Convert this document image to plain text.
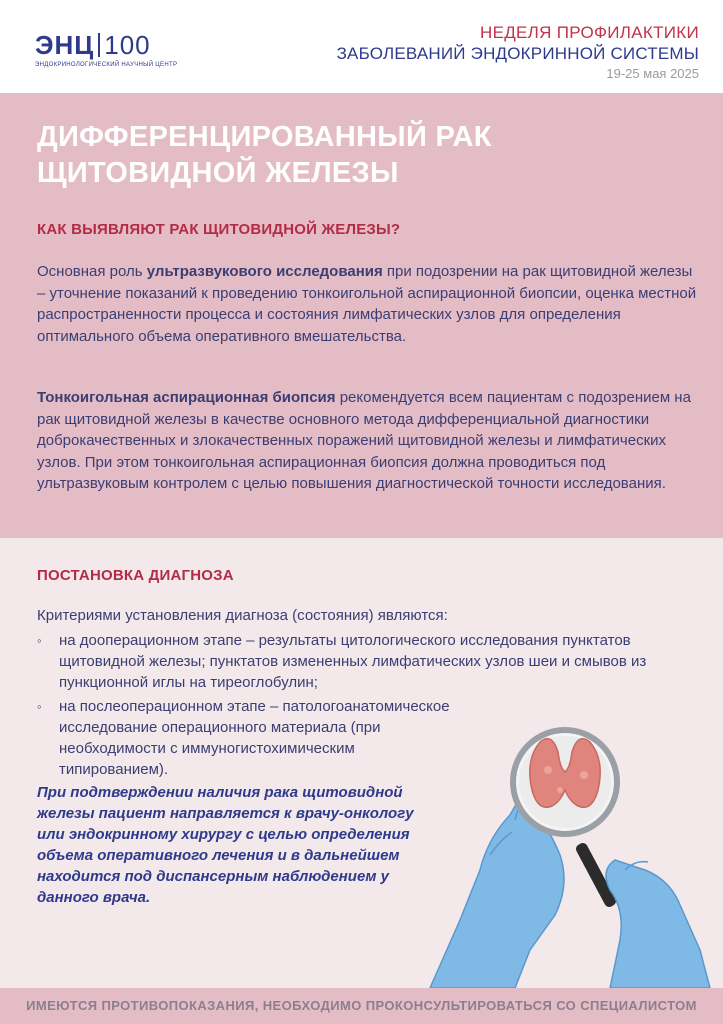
ЭНЦ 100
ЭНДОКРИНОЛОГИЧЕСКИЙ НАУЧНЫЙ ЦЕНТР
НЕДЕЛЯ ПРОФИЛАКТИКИ
ЗАБОЛЕВАНИЙ ЭНДОКРИННОЙ СИСТЕМЫ
19-25 мая 2025
ДИФФЕРЕНЦИРОВАННЫЙ РАК ЩИТОВИДНОЙ ЖЕЛЕЗЫ
КАК ВЫЯВЛЯЮТ РАК ЩИТОВИДНОЙ ЖЕЛЕЗЫ?
Основная роль ультразвукового исследования при подозрении на рак щитовидной железы – уточнение показаний к проведению тонкоигольной аспирационной биопсии, оценка местной распространенности процесса и состояния лимфатических узлов для определения оптимального объема оперативного вмешательства.
Тонкоигольная аспирационная биопсия рекомендуется всем пациентам с подозрением на рак щитовидной железы в качестве основного метода дифференциальной диагностики доброкачественных и злокачественных поражений щитовидной железы и лимфатических узлов. При этом тонкоигольная аспирационная биопсия должна проводиться под ультразвуковым контролем с целью повышения диагностической точности исследования.
ПОСТАНОВКА ДИАГНОЗА
Критериями установления диагноза (состояния) являются:
◦ на дооперационном этапе – результаты цитологического исследования пунктатов щитовидной железы; пунктатов измененных лимфатических узлов шеи и смывов из пункционной иглы на тиреоглобулин;
◦ на послеоперационном этапе – патологоанатомическое исследование операционного материала (при необходимости с иммуногистохимическим типированием).
При подтверждении наличия рака щитовидной железы пациент направляется к врачу-онкологу или эндокринному хирургу с целью определения объема оперативного лечения и в дальнейшем находится под диспансерным наблюдением у данного врача.
ИМЕЮТСЯ ПРОТИВОПОКАЗАНИЯ, НЕОБХОДИМО ПРОКОНСУЛЬТИРОВАТЬСЯ СО СПЕЦИАЛИСТОМ
